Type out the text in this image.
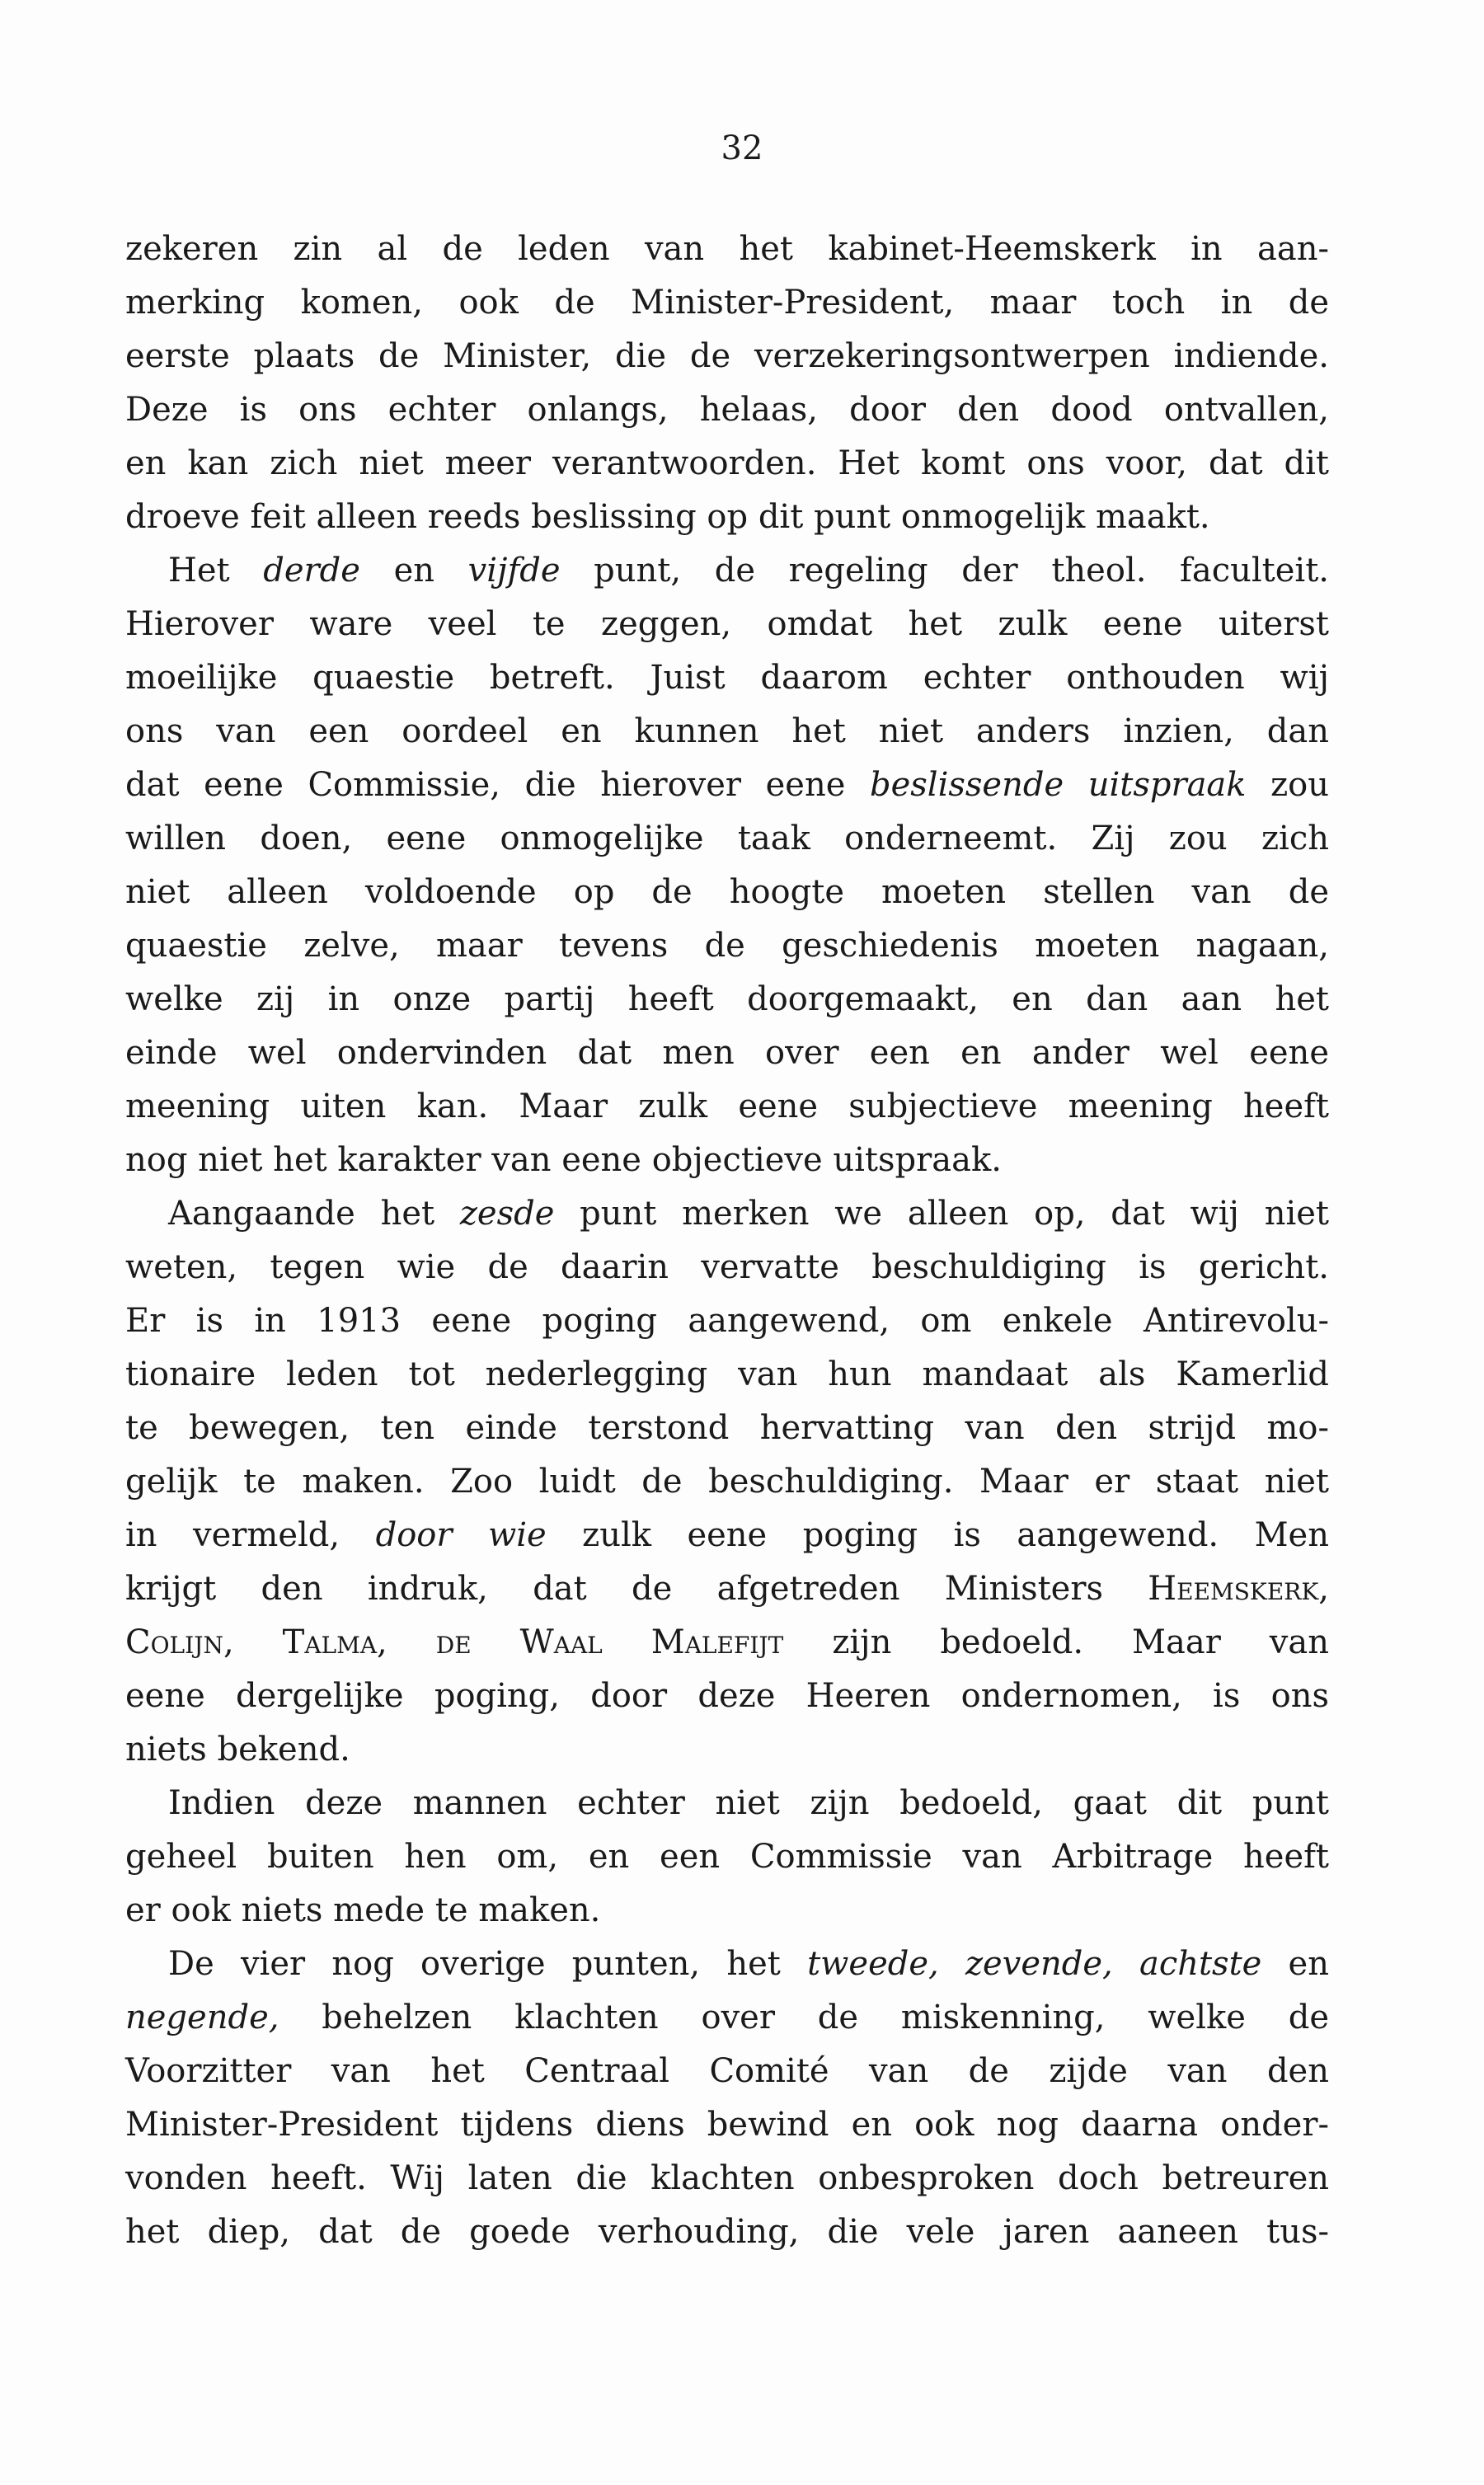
32
zekeren zin al de leden van het kabinet-Heemskerk in aan-
merking komen, ook de Minister-President, maar toch in de
eerste plaats de Minister, die de verzekeringsontwerpen indiende.
Deze is ons echter onlangs, helaas, door den dood ontvallen,
en kan zich niet meer verantwoorden. Het komt ons voor, dat dit
droeve feit alleen reeds beslissing op dit punt onmogelijk maakt.
Het derde en vijfde punt, de regeling der theol. faculteit.
Hierover ware veel te zeggen, omdat het zulk eene uiterst
moeilijke quaestie betreft. Juist daarom echter onthouden wij
ons van een oordeel en kunnen het niet anders inzien, dan
dat eene Commissie, die hierover eene beslissende uitspraak zou
willen doen, eene onmogelijke taak onderneemt. Zij zou zich
niet alleen voldoende op de hoogte moeten stellen van de
quaestie zelve, maar tevens de geschiedenis moeten nagaan,
welke zij in onze partij heeft doorgemaakt, en dan aan het
einde wel ondervinden dat men over een en ander wel eene
meening uiten kan. Maar zulk eene subjectieve meening heeft
nog niet het karakter van eene objectieve uitspraak.
Aangaande het zesde punt merken we alleen op, dat wij niet
weten, tegen wie de daarin vervatte beschuldiging is gericht.
Er is in 1913 eene poging aangewend, om enkele Antirevolu-
tionaire leden tot nederlegging van hun mandaat als Kamerlid
te bewegen, ten einde terstond hervatting van den strijd mo-
gelijk te maken. Zoo luidt de beschuldiging. Maar er staat niet
in vermeld, door wie zulk eene poging is aangewend. Men
krijgt den indruk, dat de afgetreden Ministers Heemskerk,
Colijn, Talma, de Waal Malefijt zijn bedoeld. Maar van
eene dergelijke poging, door deze Heeren ondernomen, is ons
niets bekend.
Indien deze mannen echter niet zijn bedoeld, gaat dit punt
geheel buiten hen om, en een Commissie van Arbitrage heeft
er ook niets mede te maken.
De vier nog overige punten, het tweede, zevende, achtste en
negende, behelzen klachten over de miskenning, welke de
Voorzitter van het Centraal Comité van de zijde van den
Minister-President tijdens diens bewind en ook nog daarna onder-
vonden heeft. Wij laten die klachten onbesproken doch betreuren
het diep, dat de goede verhouding, die vele jaren aaneen tus-
